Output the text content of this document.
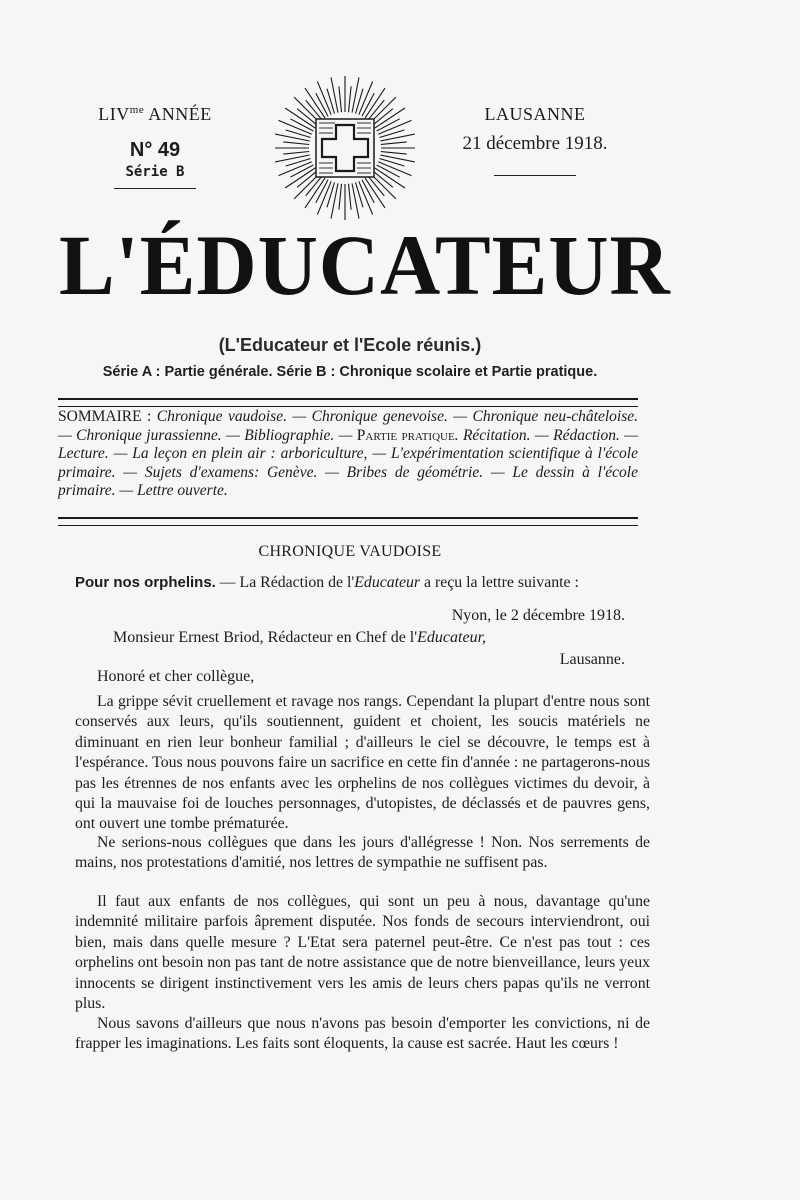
$LIV^{me}$ ANNÉE
N° 49
Série B
LAUSANNE
21 décembre 1918.
L'ÉDUCATEUR
(L'Educateur et l'Ecole réunis.)
Série A : Partie générale. Série B : Chronique scolaire et Partie pratique.
SOMMAIRE : Chronique vaudoise. — Chronique genevoise. — Chronique neu-châteloise. — Chronique jurassienne. — Bibliographie. — Partie pratique. Récitation. — Rédaction. — Lecture. — La leçon en plein air : arboriculture, — L'expérimentation scientifique à l'école primaire. — Sujets d'examens: Genève. — Bribes de géométrie. — Le dessin à l'école primaire. — Lettre ouverte.
CHRONIQUE VAUDOISE
Pour nos orphelins. — La Rédaction de l'Educateur a reçu la lettre suivante :
Nyon, le 2 décembre 1918.
Monsieur Ernest Briod, Rédacteur en Chef de l'Educateur,
Lausanne.
Honoré et cher collègue,
La grippe sévit cruellement et ravage nos rangs. Cependant la plupart d'entre nous sont conservés aux leurs, qu'ils soutiennent, guident et choient, les soucis matériels ne diminuant en rien leur bonheur familial ; d'ailleurs le ciel se découvre, le temps est à l'espérance. Tous nous pouvons faire un sacrifice en cette fin d'année : ne partagerons-nous pas les étrennes de nos enfants avec les orphelins de nos collègues victimes du devoir, à qui la mauvaise foi de louches personnages, d'utopistes, de déclassés et de pauvres gens, ont ouvert une tombe prématurée.
Ne serions-nous collègues que dans les jours d'allégresse ! Non. Nos serrements de mains, nos protestations d'amitié, nos lettres de sympathie ne suffisent pas.
Il faut aux enfants de nos collègues, qui sont un peu à nous, davantage qu'une indemnité militaire parfois âprement disputée. Nos fonds de secours interviendront, oui bien, mais dans quelle mesure ? L'Etat sera paternel peut-être. Ce n'est pas tout : ces orphelins ont besoin non pas tant de notre assistance que de notre bienveillance, leurs yeux innocents se dirigent instinctivement vers les amis de leurs chers papas qu'ils ne verront plus.
Nous savons d'ailleurs que nous n'avons pas besoin d'emporter les convictions, ni de frapper les imaginations. Les faits sont éloquents, la cause est sacrée. Haut les cœurs !
